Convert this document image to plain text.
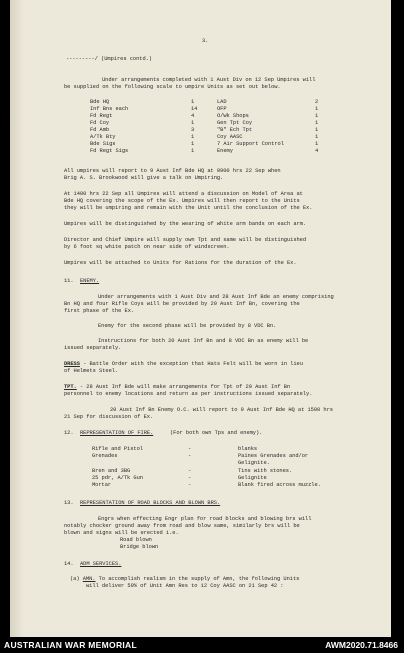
3.
---------/ (Umpires contd.)
Under arrangements completed with 1 Aust Div on 12 Sep Umpires will
be supplied on the following scale to umpire Units as set out below.
Bde HQ	1	LAD	2
Inf Bns each	14	OFP	1
Fd Regt	4	O/Wk Shops	1
Fd Coy	1	Gen Tpt Coy	1
Fd Amb	3	"B" Ech Tpt	1
A/Tk Bty	1	Coy AASC	1
Bde Sigs	1	7 Air Support Control	1
Fd Regt Sigs	1	Enemy	4
All umpires will report to 9 Aust Inf Bde HQ at 0900 hrs 22 Sep when
Brig A. S. Brookwood will give a talk on Umpiring.
At 1400 hrs 22 Sep all Umpires will attend a discussion on Model of Area at
Bde HQ covering the scope of the Ex. Umpires will then report to the Units
they will be umpiring and remain with the Unit until the conclusion of the Ex.
Umpires will be distinguished by the wearing of white arm bands on each arm.
Director and Chief Umpire will supply own Tpt and same will be distinguished
by 6 foot sq white patch on near side of windscreen.
Umpires will be attached to Units for Rations for the duration of the Ex.
11. ENEMY.
Under arrangements with 1 Aust Div and 28 Aust Inf Bde an enemy comprising
Bn HQ and four Rifle Coys will be provided by 20 Aust Inf Bn, covering the
first phase of the Ex.
Enemy for the second phase will be provided by 8 VDC Bn.
Instructions for both 20 Aust Inf Bn and 8 VDC Bn as enemy will be
issued separately.
DRESS - Battle Order with the exception that Hats Felt will be worn in lieu
of Helmets Steel.
TPT. - 28 Aust Inf Bde will make arrangements for Tpt of 20 Aust Inf Bn
personnel to enemy locations and return as per instructions issued separately.
20 Aust Inf Bn Enemy O.C. will report to 9 Aust Inf Bde HQ at 1500 hrs
21 Sep for discussion of Ex.
12. REPRESENTATION OF FIRE.	(For both own Tps and enemy).
Rifle and Pistol	-	blanks
Grenades	-	Paines Grenades and/or
Gelignite.
Bren and 3BG	-	Tins with stones.
25 pdr, A/Tk Gun	-	Gelignite
Mortar	-	Blank fired across muzzle.
13. REPRESENTATION OF ROAD BLOCKS AND BLOWN BRS.
Engrs when effecting Engr plan for road blocks and blowing brs will
notably chocker ground away from road and blow same, similarly brs will be
blown and signs will be erected i.e.
Road blown
Bridge blown
14. ADM SERVICES.
(a) AMN. To accomplish realism in the supply of Amn, the following Units
will deliver 50% of Unit Amn Res to 12 Coy AASC on 21 Sep 42 :
AUSTRALIAN WAR MEMORIAL	AWM2020.71.8466
